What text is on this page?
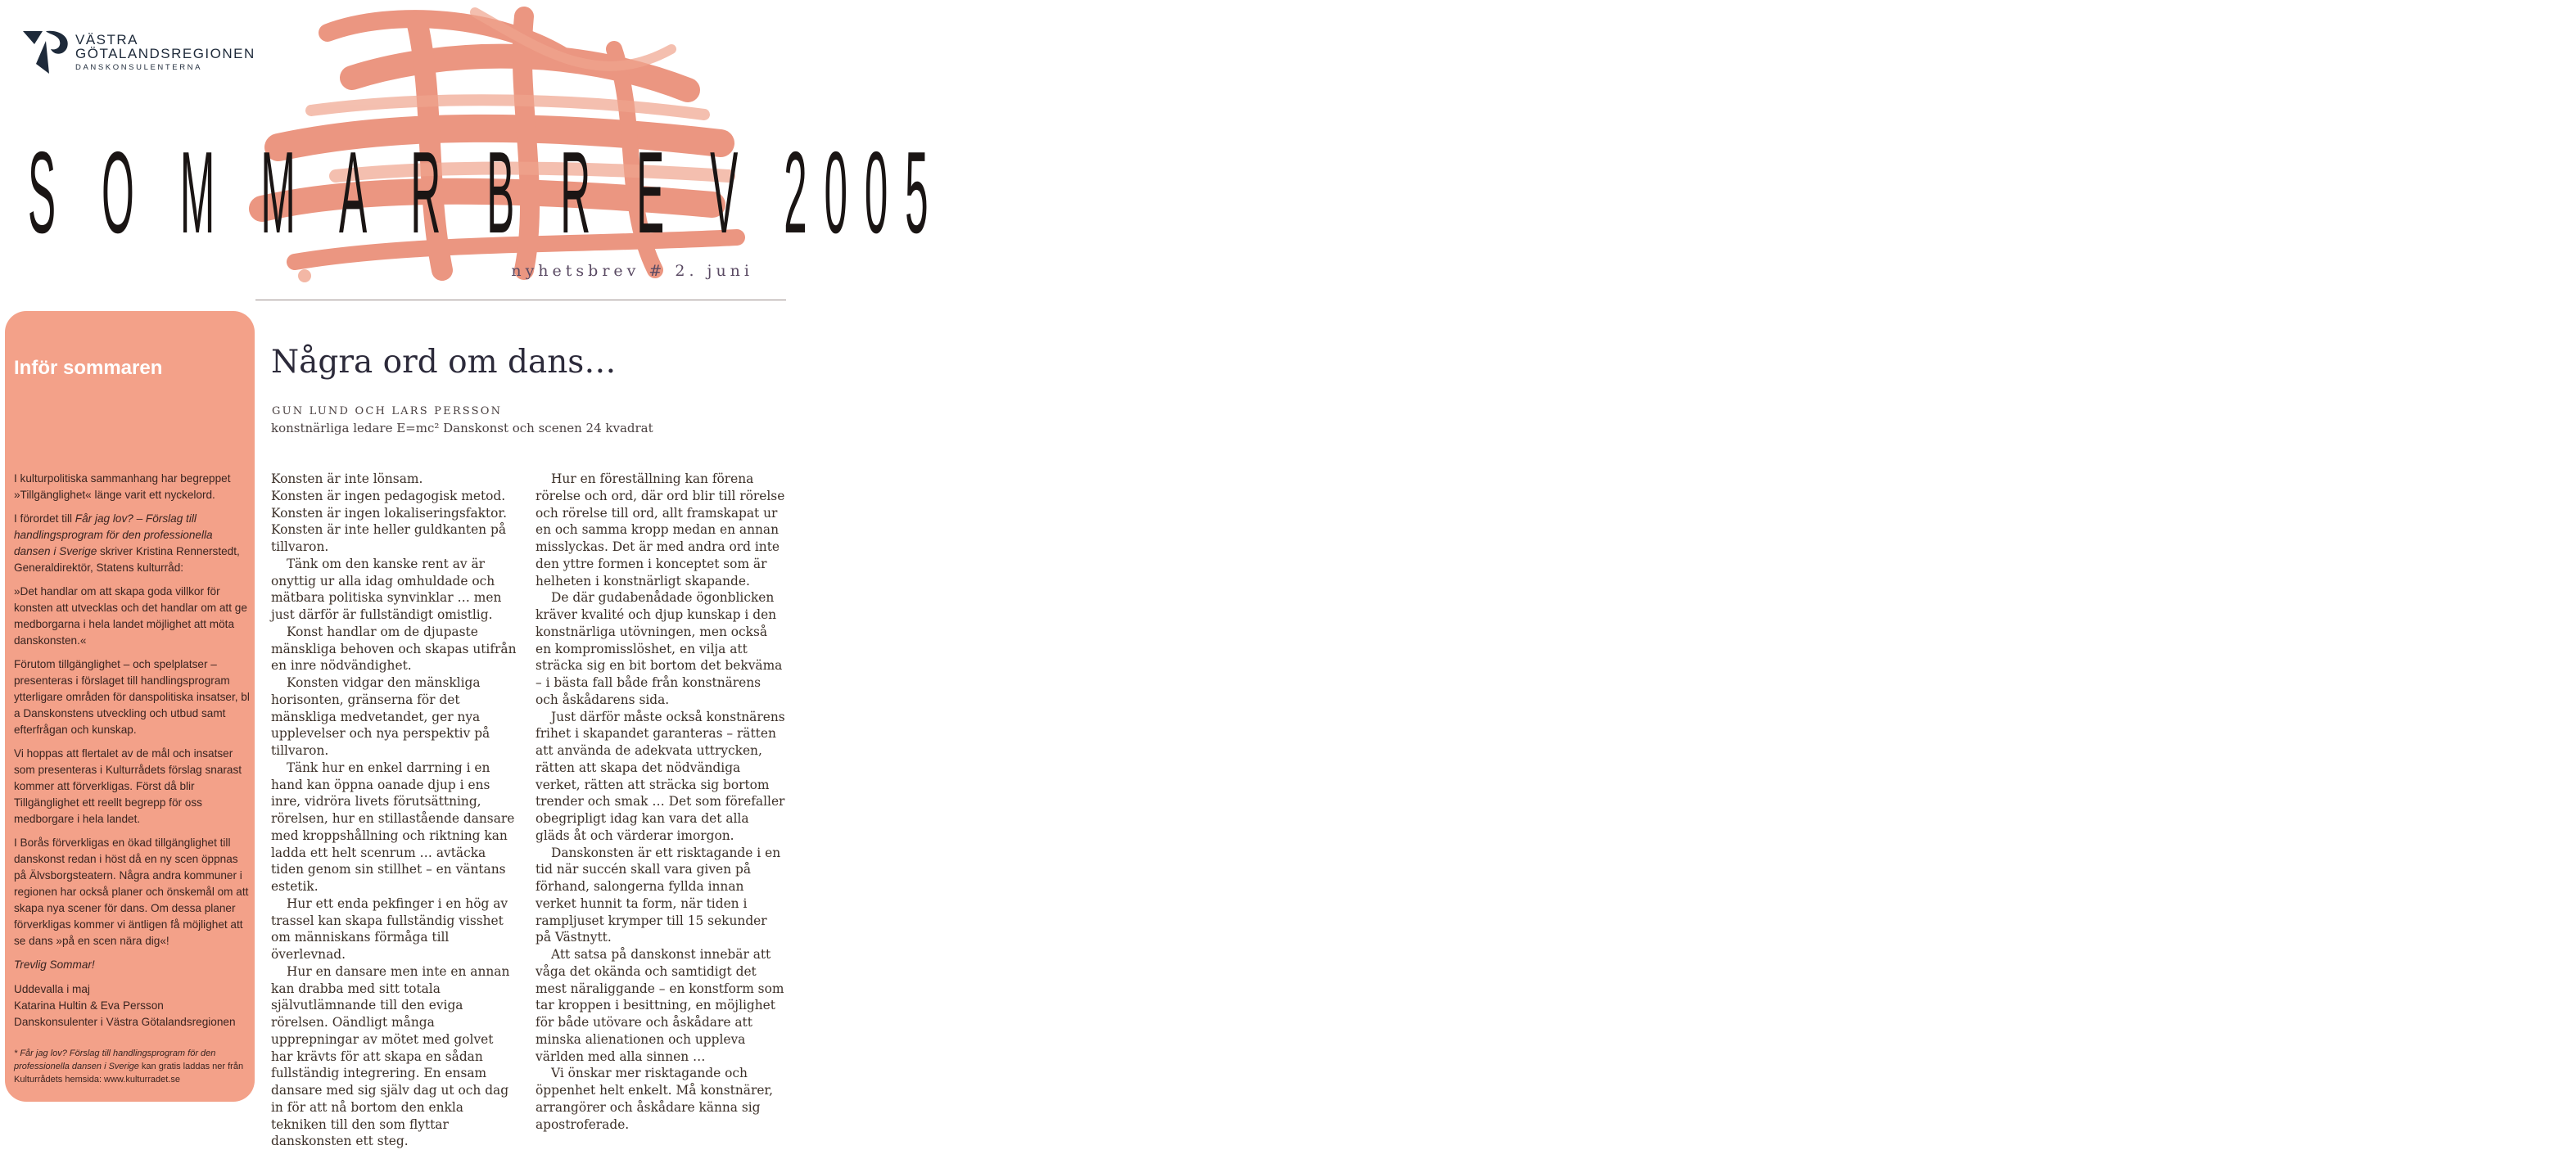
VÄSTRA
GÖTALANDSREGIONEN
DANSKONSULENTERNA
S O M M A R B R E V 2005
nyhetsbrev # 2. juni
Inför sommaren

I kulturpolitiska sammanhang har begreppet »Tillgänglighet« länge varit ett nyckelord.

I förordet till Får jag lov? – Förslag till handlingsprogram för den professionella dansen i Sverige skriver Kristina Rennerstedt, Generaldirektör, Statens kulturråd:

»Det handlar om att skapa goda villkor för konsten att utvecklas och det handlar om att ge medborgarna i hela landet möjlighet att möta danskonsten.«

Förutom tillgänglighet – och spelplatser – presenteras i förslaget till handlingsprogram ytterligare områden för danspolitiska insatser, bl a Danskonstens utveckling och utbud samt efterfrågan och kunskap.

Vi hoppas att flertalet av de mål och insatser som presenteras i Kulturrådets förslag snarast kommer att förverkligas. Först då blir Tillgänglighet ett reellt begrepp för oss medborgare i hela landet.

I Borås förverkligas en ökad tillgänglighet till danskonst redan i höst då en ny scen öppnas på Älvsborgsteatern. Några andra kommuner i regionen har också planer och önskemål om att skapa nya scener för dans. Om dessa planer förverkligas kommer vi äntligen få möjlighet att se dans »på en scen nära dig«!

Trevlig Sommar!

Uddevalla i maj
Katarina Hultin & Eva Persson
Danskonsulenter i Västra Götalandsregionen
* Får jag lov? Förslag till handlingsprogram för den professionella dansen i Sverige kan gratis laddas ner från Kulturrådets hemsida: www.kulturradet.se
Några ord om dans…
GUN LUND OCH LARS PERSSON
konstnärliga ledare E=mc² Danskonst och scenen 24 kvadrat

Konsten är inte lönsam.

Konsten är ingen pedagogisk metod.

Konsten är ingen lokaliseringsfaktor.

Konsten är inte heller guldkanten på tillvaron.

Tänk om den kanske rent av är onyttig ur alla idag omhuldade och mätbara politiska synvinklar … men just därför är fullständigt omistlig.

Konst handlar om de djupaste mänskliga behoven och skapas utifrån en inre nödvändighet.

Konsten vidgar den mänskliga horisonten, gränserna för det mänskliga medvetandet, ger nya upplevelser och nya perspektiv på tillvaron.

Tänk hur en enkel darrning i en hand kan öppna oanade djup i ens inre, vidröra livets förutsättning, rörelsen, hur en stillastående dansare med kroppshållning och riktning kan ladda ett helt scenrum … avtäcka tiden genom sin stillhet – en väntans estetik.

Hur ett enda pekfinger i en hög av trassel kan skapa fullständig visshet om människans förmåga till överlevnad.

Hur en dansare men inte en annan kan drabba med sitt totala självutlämnande till den eviga rörelsen. Oändligt många upprepningar av mötet med golvet har krävts för att skapa en sådan fullständig integrering. En ensam dansare med sig själv dag ut och dag in för att nå bortom den enkla tekniken till den som flyttar danskonsten ett steg.

Hur en föreställning kan förena rörelse och ord, där ord blir till rörelse och rörelse till ord, allt framskapat ur en och samma kropp medan en annan misslyckas. Det är med andra ord inte den yttre formen i konceptet som är helheten i konstnärligt skapande.

De där gudabenådade ögonblicken kräver kvalité och djup kunskap i den konstnärliga utövningen, men också en kompromisslöshet, en vilja att sträcka sig en bit bortom det bekväma – i bästa fall både från konstnärens och åskådarens sida.

Just därför måste också konstnärens frihet i skapandet garanteras – rätten att använda de adekvata uttrycken, rätten att skapa det nödvändiga verket, rätten att sträcka sig bortom trender och smak … Det som förefaller obegripligt idag kan vara det alla gläds åt och värderar imorgon.

Danskonsten är ett risktagande i en tid när succén skall vara given på förhand, salongerna fyllda innan verket hunnit ta form, när tiden i rampljuset krymper till 15 sekunder på Västnytt.

Att satsa på danskonst innebär att våga det okända och samtidigt det mest näraliggande – en konstform som tar kroppen i besittning, en möjlighet för både utövare och åskådare att minska alienationen och uppleva världen med alla sinnen …

Vi önskar mer risktagande och öppenhet helt enkelt. Må konstnärer, arrangörer och åskådare känna sig apostroferade.
